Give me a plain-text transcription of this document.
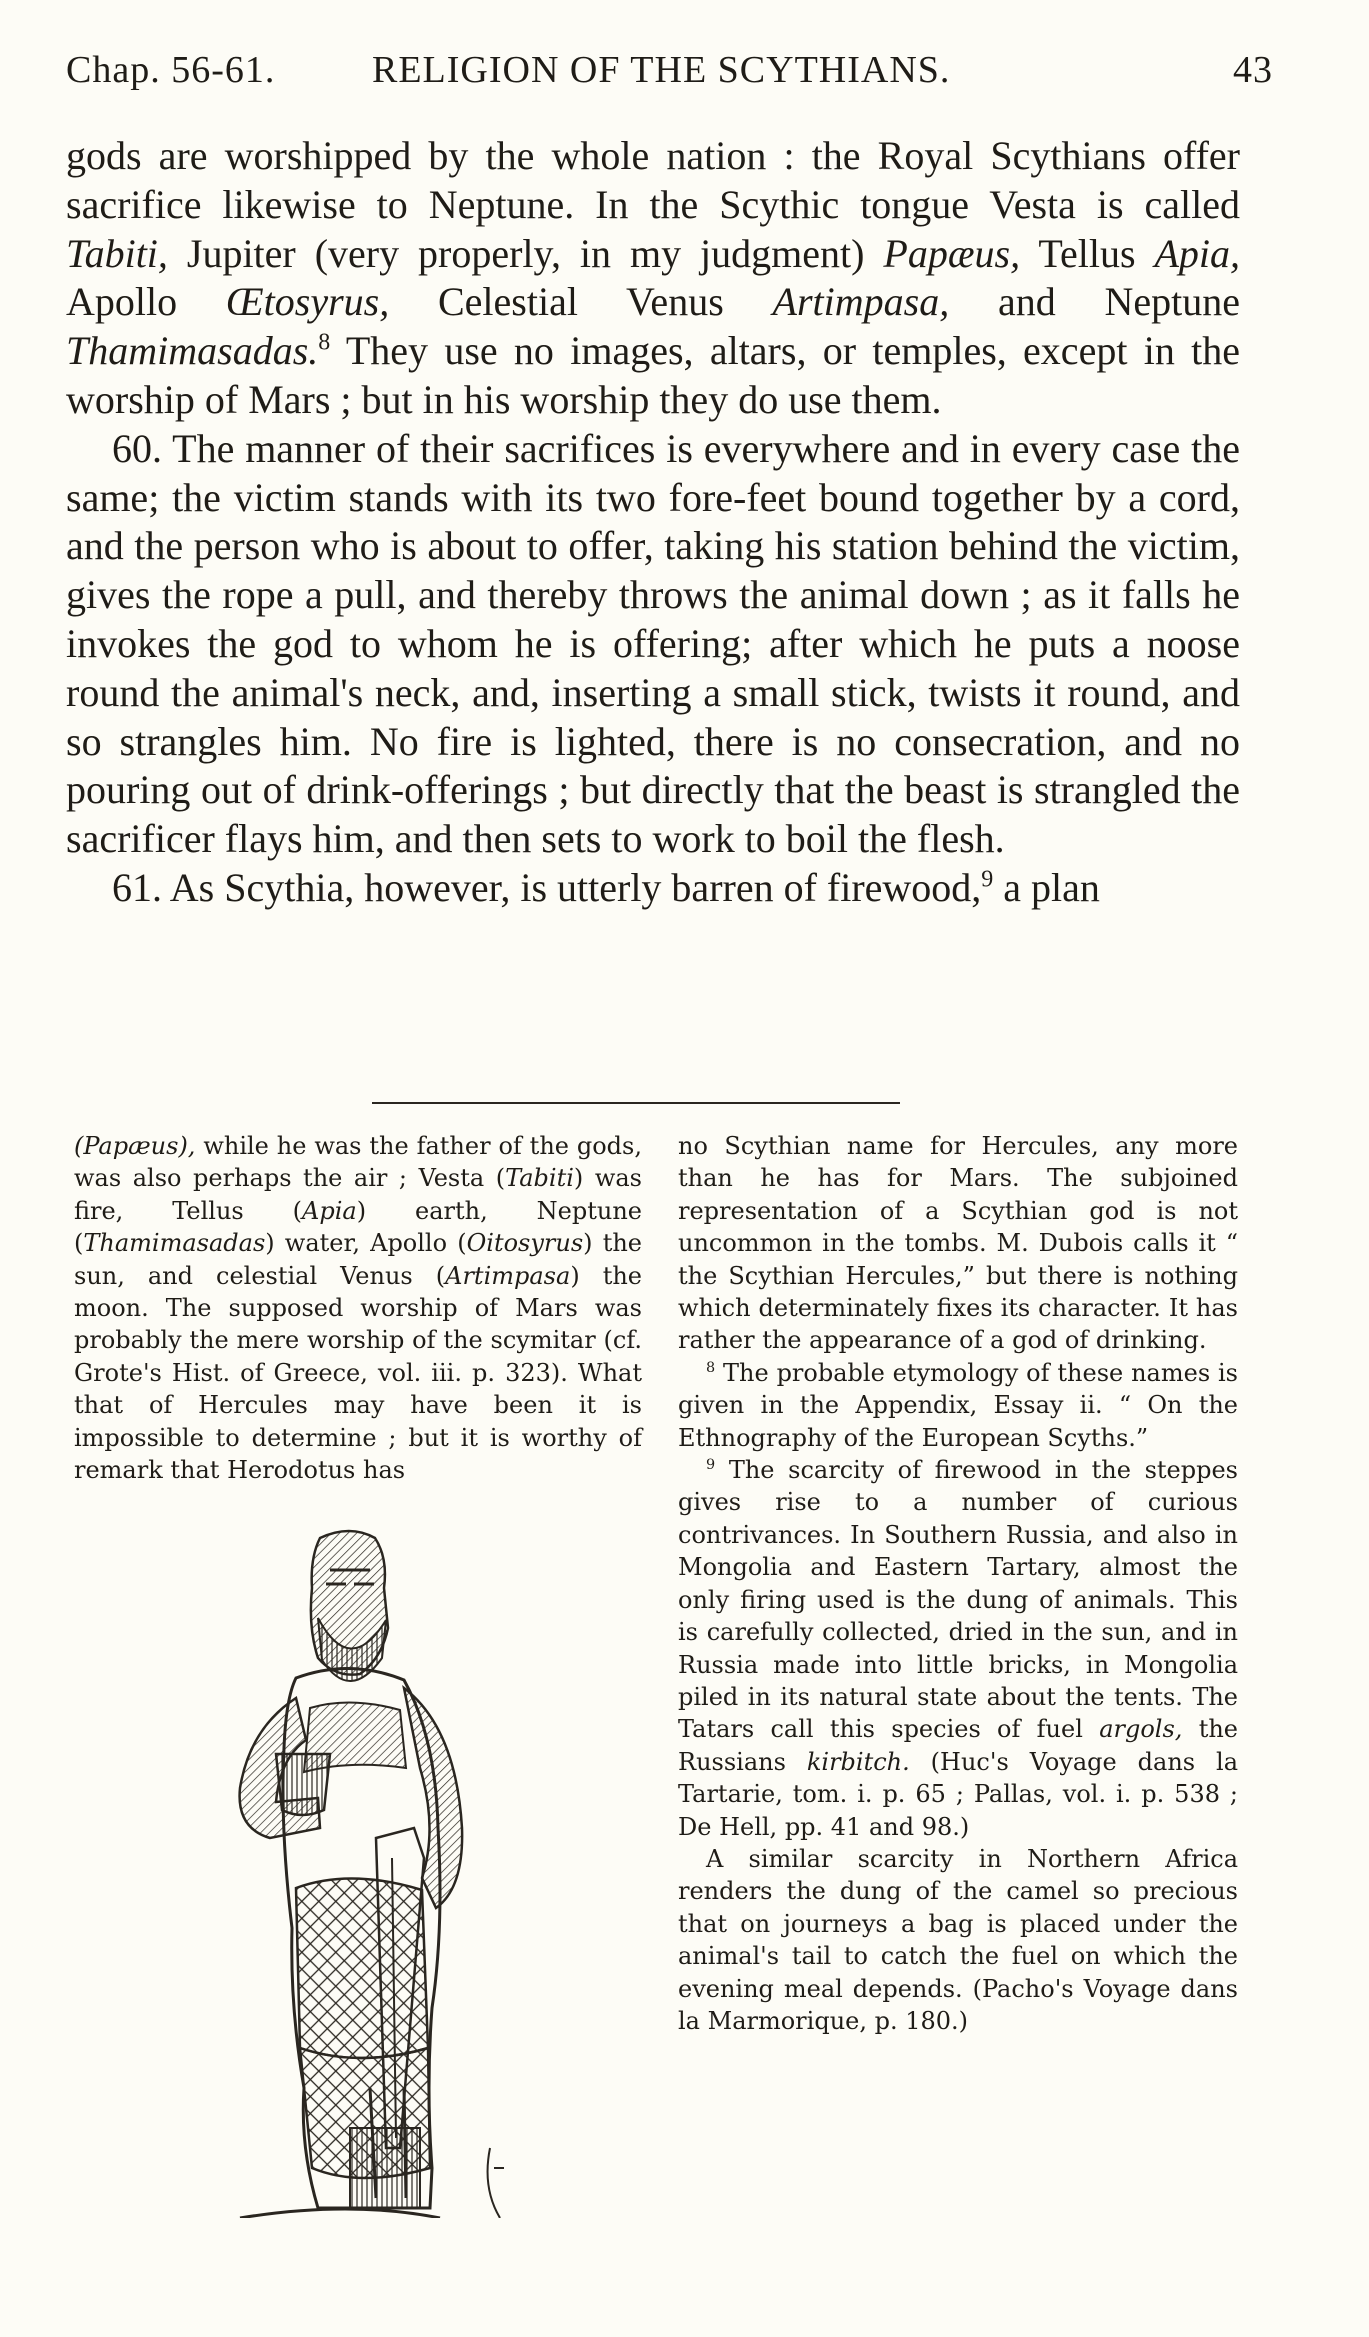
Chap. 56-61.	RELIGION OF THE SCYTHIANS.	43

gods are worshipped by the whole nation : the Royal Scythians offer sacrifice likewise to Neptune. In the Scythic tongue Vesta is called Tabiti, Jupiter (very properly, in my judgment) Papæus, Tellus Apia, Apollo Œtosyrus, Celestial Venus Artimpasa, and Neptune Thamimasadas.$^8$ They use no images, altars, or temples, except in the worship of Mars ; but in his worship they do use them.

60. The manner of their sacrifices is everywhere and in every case the same; the victim stands with its two fore-feet bound together by a cord, and the person who is about to offer, taking his station behind the victim, gives the rope a pull, and thereby throws the animal down ; as it falls he invokes the god to whom he is offering; after which he puts a noose round the animal's neck, and, inserting a small stick, twists it round, and so strangles him. No fire is lighted, there is no consecration, and no pouring out of drink-offerings ; but directly that the beast is strangled the sacrificer flays him, and then sets to work to boil the flesh.

61. As Scythia, however, is utterly barren of firewood,$^9$ a plan

(Papæus), while he was the father of the gods, was also perhaps the air ; Vesta (Tabiti) was fire, Tellus (Apia) earth, Neptune (Thamimasadas) water, Apollo (Oitosyrus) the sun, and celestial Venus (Artimpasa) the moon. The supposed worship of Mars was probably the mere worship of the scymitar (cf. Grote's Hist. of Greece, vol. iii. p. 323). What that of Hercules may have been it is impossible to determine ; but it is worthy of remark that Herodotus has

no Scythian name for Hercules, any more than he has for Mars. The subjoined representation of a Scythian god is not uncommon in the tombs. M. Dubois calls it “ the Scythian Hercules,” but there is nothing which determinately fixes its character. It has rather the appearance of a god of drinking.

$^8$ The probable etymology of these names is given in the Appendix, Essay ii. “ On the Ethnography of the European Scyths.”

$^9$ The scarcity of firewood in the steppes gives rise to a number of curious contrivances. In Southern Russia, and also in Mongolia and Eastern Tartary, almost the only firing used is the dung of animals. This is carefully collected, dried in the sun, and in Russia made into little bricks, in Mongolia piled in its natural state about the tents. The Tatars call this species of fuel argols, the Russians kirbitch. (Huc's Voyage dans la Tartarie, tom. i. p. 65 ; Pallas, vol. i. p. 538 ; De Hell, pp. 41 and 98.)

A similar scarcity in Northern Africa renders the dung of the camel so precious that on journeys a bag is placed under the animal's tail to catch the fuel on which the evening meal depends. (Pacho's Voyage dans la Marmorique, p. 180.)
